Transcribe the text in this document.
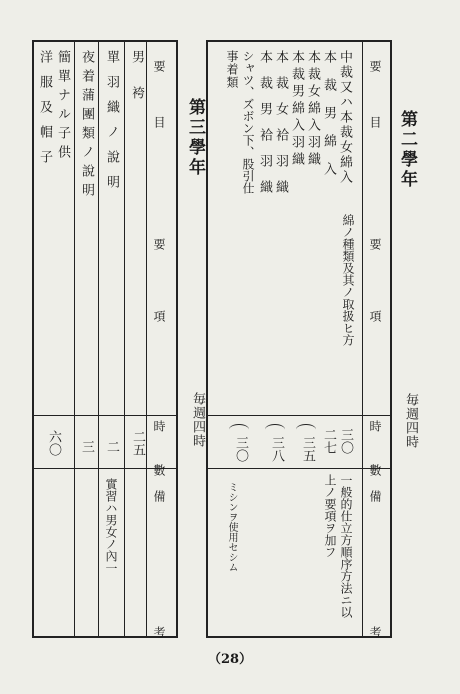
第二學年
毎週四時
要　目
要　項
時　數
備　考
中裁又ハ本裁女綿入
本　裁　男　綿　入
本裁女綿入羽織
本裁男綿入羽織
本　裁　女　袷　羽　織
本　裁　男　袷　羽　織
シャツ、ズボン下、股引仕
事着類
綿ノ種類及其ノ取扱ヒ方
三〇
二七
三五
三八
三〇
一般的仕立方順序方法ニ以
上ノ要項ヲ加フ
ミシンヲ使用セシム
第三學年
毎週四時
要　目
要　項
時　數
備　考
男　袴
單羽織ノ說明
夜着蒲團類ノ說明
簡單ナル子供
洋服及帽子
二五
二
三
六〇
實習ハ男女ノ內一
（28）
